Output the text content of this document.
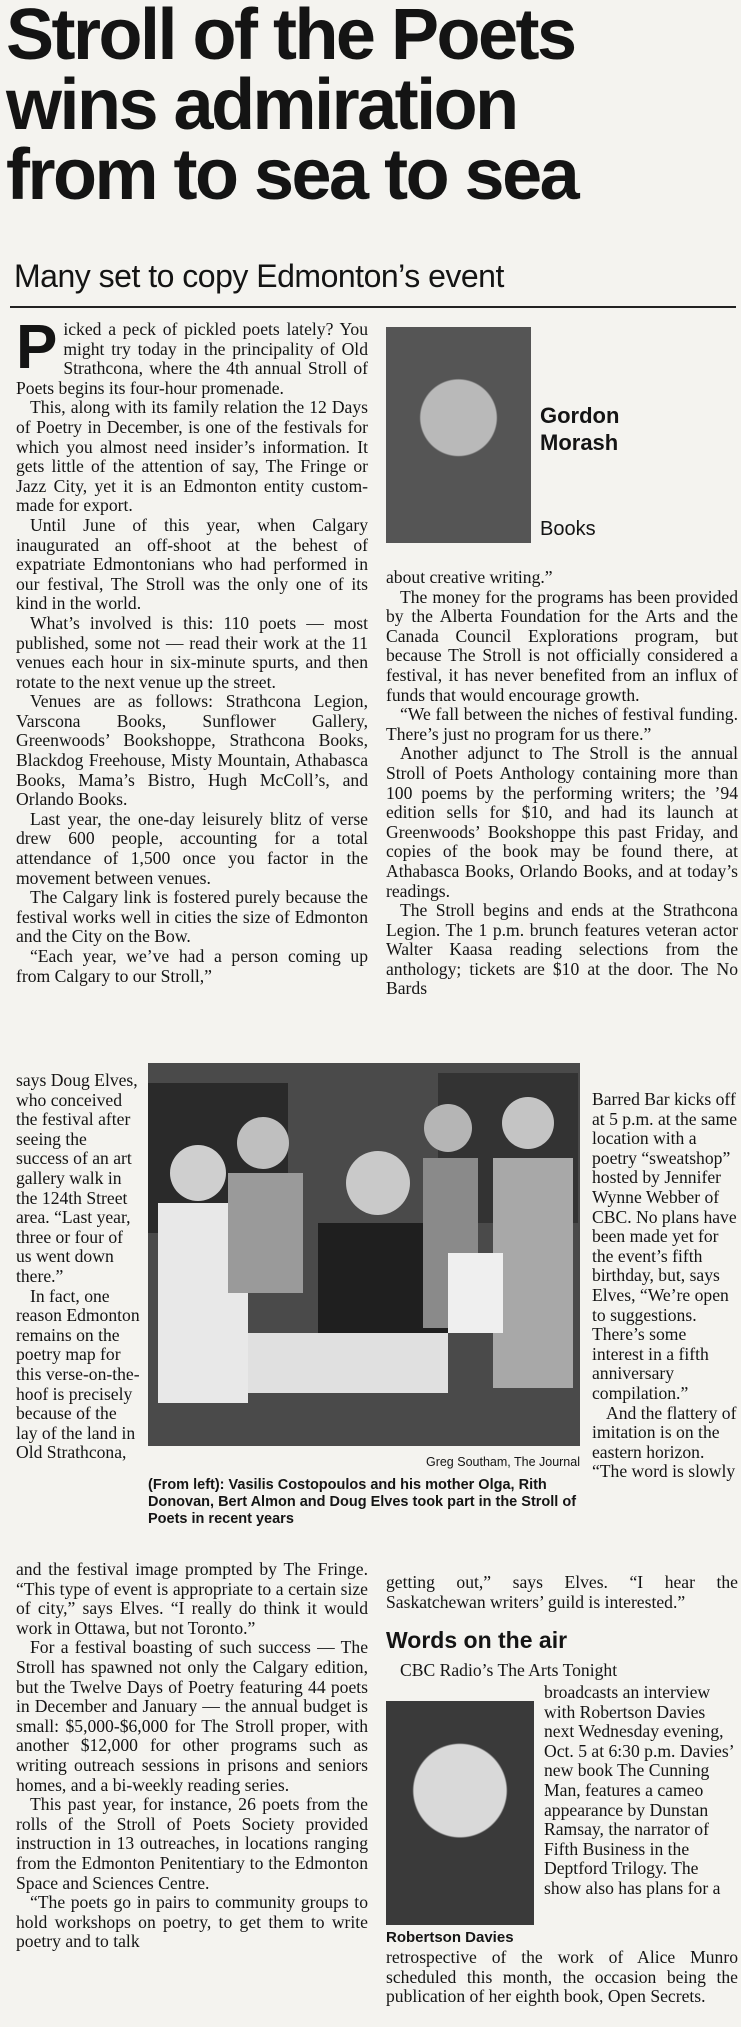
Stroll of the Poets
wins admiration
from to sea to sea
Many set to copy Edmonton’s event

Picked a peck of pickled poets lately? You might try today in the principality of Old Strathcona, where the 4th annual Stroll of Poets begins its four-hour promenade.

This, along with its family relation the 12 Days of Poetry in December, is one of the festivals for which you almost need insider’s information. It gets little of the attention of say, The Fringe or Jazz City, yet it is an Edmonton entity custom-made for export.

Until June of this year, when Calgary inaugurated an off-shoot at the behest of expatriate Edmontonians who had performed in our festival, The Stroll was the only one of its kind in the world.

What’s involved is this: 110 poets — most published, some not — read their work at the 11 venues each hour in six-minute spurts, and then rotate to the next venue up the street.

Venues are as follows: Strathcona Legion, Varscona Books, Sunflower Gallery, Greenwoods’ Bookshoppe, Strathcona Books, Blackdog Freehouse, Misty Mountain, Athabasca Books, Mama’s Bistro, Hugh McColl’s, and Orlando Books.

Last year, the one-day leisurely blitz of verse drew 600 people, accounting for a total attendance of 1,500 once you factor in the movement between venues.

The Calgary link is fostered purely because the festival works well in cities the size of Edmonton and the City on the Bow.

“Each year, we’ve had a person coming up from Calgary to our Stroll,”

says Doug Elves, who conceived the festival after seeing the success of an art gallery walk in the 124th Street area. “Last year, three or four of us went down there.”

In fact, one reason Edmonton remains on the poetry map for this verse-on-the-hoof is precisely because of the lay of the land in Old Strathcona,

and the festival image prompted by The Fringe. “This type of event is appropriate to a certain size of city,” says Elves. “I really do think it would work in Ottawa, but not Toronto.”

For a festival boasting of such success — The Stroll has spawned not only the Calgary edition, but the Twelve Days of Poetry featuring 44 poets in December and January — the annual budget is small: $5,000-$6,000 for The Stroll proper, with another $12,000 for other programs such as writing outreach sessions in prisons and seniors homes, and a bi-weekly reading series.

This past year, for instance, 26 poets from the rolls of the Stroll of Poets Society provided instruction in 13 outreaches, in locations ranging from the Edmonton Penitentiary to the Edmonton Space and Sciences Centre.

“The poets go in pairs to community groups to hold workshops on poetry, to get them to write poetry and to talk

Gordon
Morash
Books

about creative writing.”

The money for the programs has been provided by the Alberta Foundation for the Arts and the Canada Council Explorations program, but because The Stroll is not officially considered a festival, it has never benefited from an influx of funds that would encourage growth.

“We fall between the niches of festival funding. There’s just no program for us there.”

Another adjunct to The Stroll is the annual Stroll of Poets Anthology containing more than 100 poems by the performing writers; the ’94 edition sells for $10, and had its launch at Greenwoods’ Bookshoppe this past Friday, and copies of the book may be found there, at Athabasca Books, Orlando Books, and at today’s readings.

The Stroll begins and ends at the Strathcona Legion. The 1 p.m. brunch features veteran actor Walter Kaasa reading selections from the anthology; tickets are $10 at the door. The No Bards

Barred Bar kicks off at 5 p.m. at the same location with a poetry “sweatshop” hosted by Jennifer Wynne Webber of CBC. No plans have been made yet for the event’s fifth birthday, but, says Elves, “We’re open to suggestions. There’s some interest in a fifth anniversary compilation.”

And the flattery of imitation is on the eastern horizon. “The word is slowly

Greg Southam, The Journal
(From left): Vasilis Costopoulos and his mother Olga, Rith Donovan, Bert Almon and Doug Elves took part in the Stroll of Poets in recent years

getting out,” says Elves. “I hear the Saskatchewan writers’ guild is interested.”

Words on the air

CBC Radio’s The Arts Tonight

Robertson Davies

broadcasts an interview with Robertson Davies next Wednesday evening, Oct. 5 at 6:30 p.m. Davies’ new book The Cunning Man, features a cameo appearance by Dunstan Ramsay, the narrator of Fifth Business in the Deptford Trilogy. The show also has plans for a

retrospective of the work of Alice Munro scheduled this month, the occasion being the publication of her eighth book, Open Secrets.
